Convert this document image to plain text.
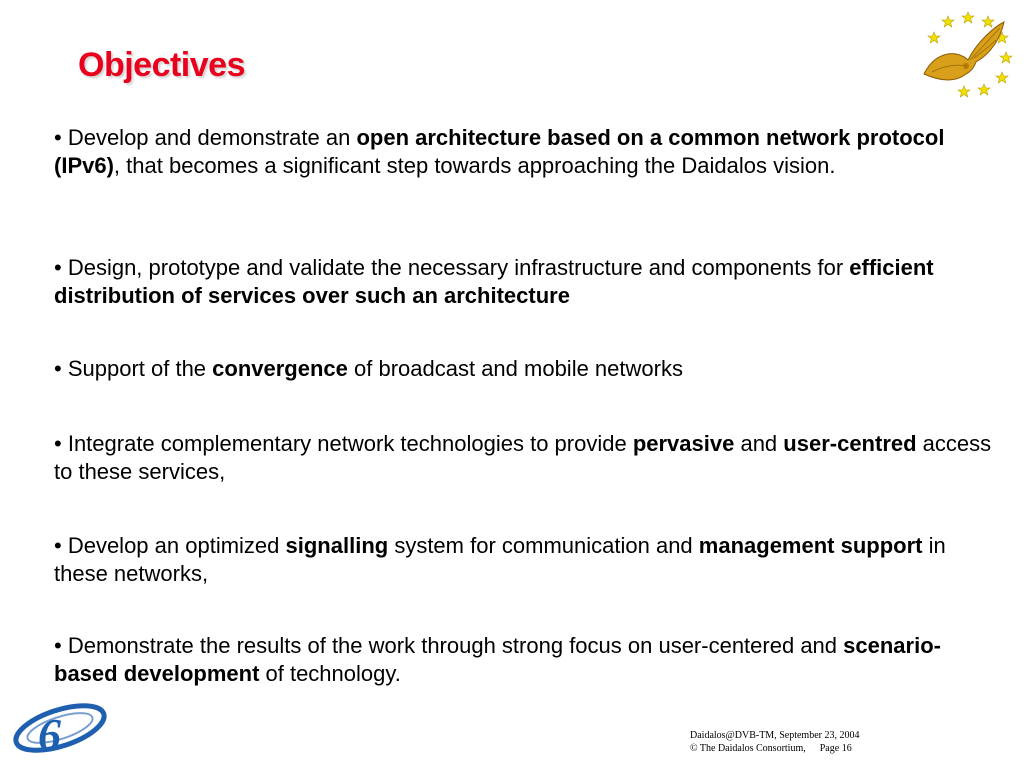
Objectives

• Develop and demonstrate an open architecture based on a common network protocol (IPv6), that becomes a significant step towards approaching the Daidalos vision.

• Design, prototype and validate the necessary infrastructure and components for efficient distribution of services over such an architecture

• Support of the convergence of broadcast and mobile networks

• Integrate complementary network technologies to provide pervasive and user-centred access to these services,

• Develop an optimized signalling system for communication and management support in these networks,

• Demonstrate the results of the work through strong focus on user-centered and scenario-based development of technology.

6	Daidalos@DVB-TM, September 23, 2004
© The Daidalos Consortium, Page 16
